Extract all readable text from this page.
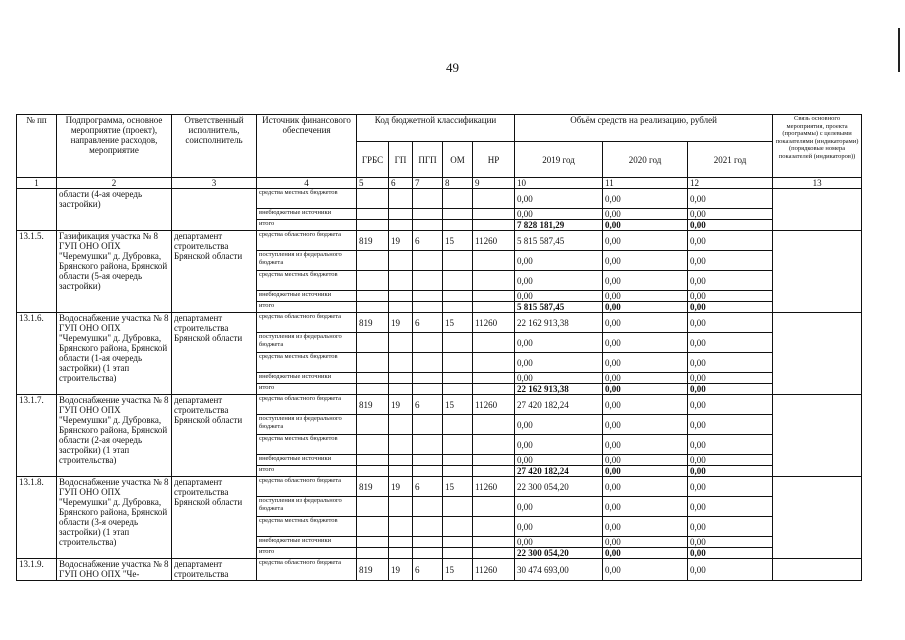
49
№ пп	Подпрограмма, основное мероприятие (проект), направление расходов, мероприятие	Ответственный исполнитель, соисполнитель	Источник финансового обеспечения	Код бюджетной классификации					Объём средств на реализацию, рублей			Связь основного мероприятия, проекта (программы) с целевыми показателями (индикаторами) (порядковые номера показателей (индикаторов))
				ГРБС	ГП	ПГП	ОМ	НР	2019 год	2020 год	2021 год	
1	2	3	4	5	6	7	8	9	10	11	12	13
	области (4-ая очередь застройки)		средства местных бюджетов						0,00	0,00	0,00	
			внебюджетные источники						0,00	0,00	0,00	
			итого						7 828 181,29	0,00	0,00	

13.1.5.	Газификация участка № 8 ГУП ОНО ОПХ "Черемушки" д. Дубровка, Брянского района, Брянской области (5-ая очередь застройки)	департамент строительства Брянской области	средства областного бюджета	819	19	6	15	11260	5 815 587,45	0,00	0,00	
			поступления из федерального бюджета						0,00	0,00	0,00	
			средства местных бюджетов						0,00	0,00	0,00	
			внебюджетные источники						0,00	0,00	0,00	
			итого						5 815 587,45	0,00	0,00	
13.1.6.	Водоснабжение участка № 8 ГУП ОНО ОПХ "Черемушки" д. Дубровка, Брянского района, Брянской области (1-ая очередь застройки) (1 этап строительства)	департамент строительства Брянской области	средства областного бюджета	819	19	6	15	11260	22 162 913,38	0,00	0,00	
			поступления из федерального бюджета						0,00	0,00	0,00	
			средства местных бюджетов						0,00	0,00	0,00	
			внебюджетные источники						0,00	0,00	0,00	
			итого						22 162 913,38	0,00	0,00	
13.1.7.	Водоснабжение участка № 8 ГУП ОНО ОПХ "Черемушки" д. Дубровка, Брянского района, Брянской области (2-ая очередь застройки) (1 этап строительства)	департамент строительства Брянской области	средства областного бюджета	819	19	6	15	11260	27 420 182,24	0,00	0,00	
			поступления из федерального бюджета						0,00	0,00	0,00	
			средства местных бюджетов						0,00	0,00	0,00	
			внебюджетные источники						0,00	0,00	0,00	
			итого						27 420 182,24	0,00	0,00	
13.1.8.	Водоснабжение участка № 8 ГУП ОНО ОПХ "Черемушки" д. Дубровка, Брянского района, Брянской области (3-я очередь застройки) (1 этап строительства)	департамент строительства Брянской области	средства областного бюджета	819	19	6	15	11260	22 300 054,20	0,00	0,00	
			поступления из федерального бюджета						0,00	0,00	0,00	
			средства местных бюджетов						0,00	0,00	0,00	
			внебюджетные источники						0,00	0,00	0,00	
			итого						22 300 054,20	0,00	0,00	
13.1.9.	Водоснабжение участка № 8 ГУП ОНО ОПХ "Че-	департамент строительства	средства областного бюджета	819	19	6	15	11260	30 474 693,00	0,00	0,00	
